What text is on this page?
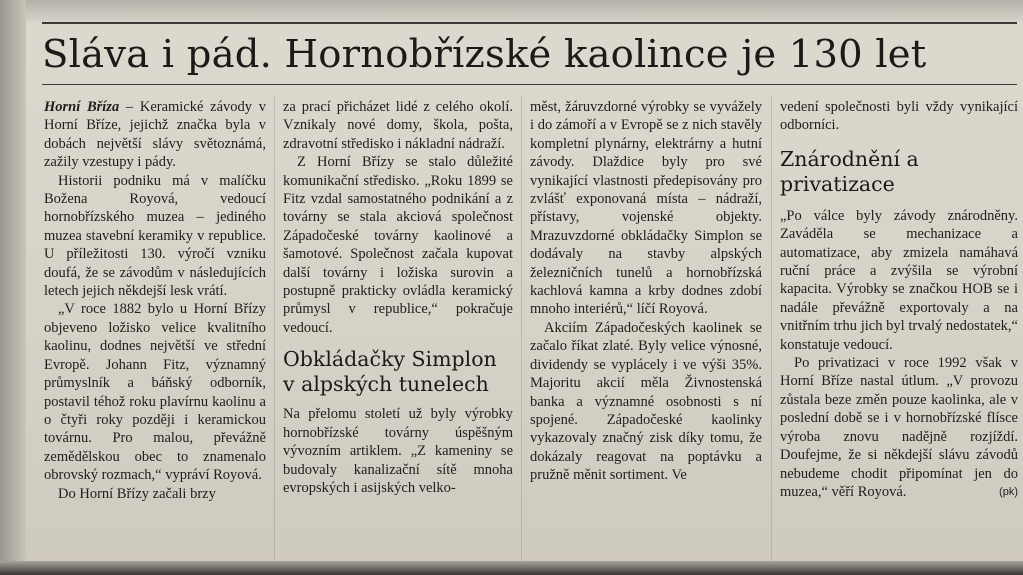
Sláva i pád. Hornobřízské kaolince je 130 let

Horní Bříza – Keramické závody v Horní Bříze, jejichž značka byla v dobách největší slávy světoznámá, zažily vzestupy i pády.

Historii podniku má v malíčku Božena Royová, vedoucí hornobřízského muzea – jediného muzea stavební keramiky v republice. U příležitosti 130. výročí vzniku doufá, že se závodům v následujících letech jejich někdejší lesk vrátí.

„V roce 1882 bylo u Horní Břízy objeveno ložisko velice kvalitního kaolinu, dodnes největší ve střední Evropě. Johann Fitz, významný průmyslník a báňský odborník, postavil téhož roku plavírnu kaolinu a o čtyři roky později i keramickou továrnu. Pro malou, převážně zemědělskou obec to znamenalo obrovský rozmach,“ vypráví Royová.

Do Horní Břízy začali brzy

za prací přicházet lidé z celého okolí. Vznikaly nové domy, škola, pošta, zdravotní středisko i nákladní nádraží.

Z Horní Břízy se stalo důležité komunikační středisko. „Roku 1899 se Fitz vzdal samostatného podnikání a z továrny se stala akciová společnost Západočeské továrny kaolinové a šamotové. Společnost začala kupovat další továrny i ložiska surovin a postupně prakticky ovládla keramický průmysl v republice,“ pokračuje vedoucí.

Obkládačky Simplon v alpských tunelech

Na přelomu století už byly výrobky hornobřízské továrny úspěšným vývozním artiklem. „Z kameniny se budovaly kanalizační sítě mnoha evropských i asijských velko-

měst, žáruvzdorné výrobky se vyvážely i do zámoří a v Evropě se z nich stavěly kompletní plynárny, elektrárny a hutní závody. Dlaždice byly pro své vynikající vlastnosti předepisovány pro zvlášť exponovaná místa – nádraží, přístavy, vojenské objekty. Mrazuvzdorné obkládačky Simplon se dodávaly na stavby alpských železničních tunelů a hornobřízská kachlová kamna a krby dodnes zdobí mnoho interiérů,“ líčí Royová.

Akciím Západočeských kaolinek se začalo říkat zlaté. Byly velice výnosné, dividendy se vyplácely i ve výši 35%. Majoritu akcií měla Živnostenská banka a významné osobnosti s ní spojené. Západočeské kaolinky vykazovaly značný zisk díky tomu, že dokázaly reagovat na poptávku a pružně měnit sortiment. Ve

vedení společnosti byli vždy vynikající odborníci.

Znárodnění a privatizace

„Po válce byly závody znárodněny. Zaváděla se mechanizace a automatizace, aby zmizela namáhavá ruční práce a zvýšila se výrobní kapacita. Výrobky se značkou HOB se i nadále převážně exportovaly a na vnitřním trhu jich byl trvalý nedostatek,“ konstatuje vedoucí.

Po privatizaci v roce 1992 však v Horní Bříze nastal útlum. „V provozu zůstala beze změn pouze kaolinka, ale v poslední době se i v hornobřízské flísce výroba znovu nadějně rozjíždí. Doufejme, že si někdejší slávu závodů nebudeme chodit připomínat jen do muzea,“ věří Royová.	(pk)
